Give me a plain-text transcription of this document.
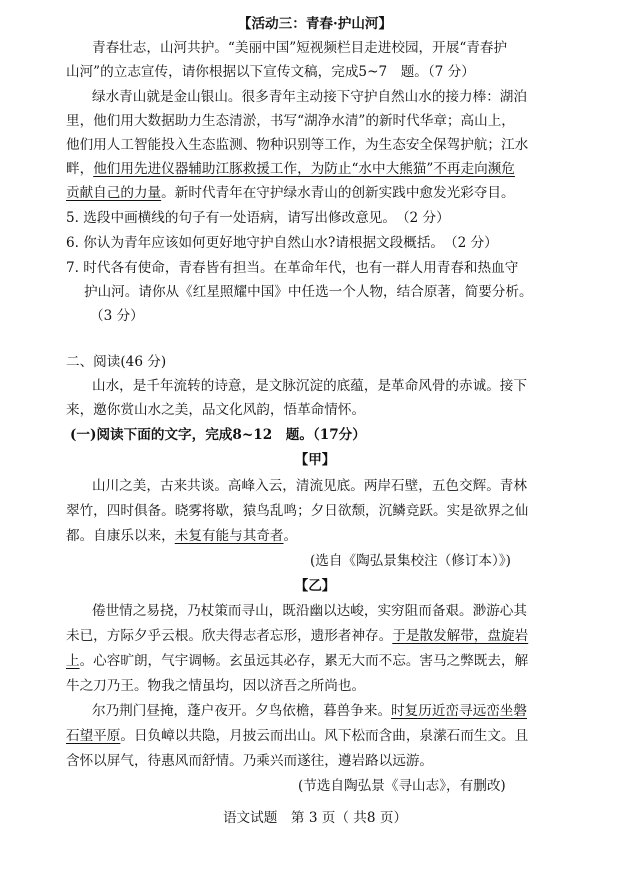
【活动三：青春·护山河】
青春壮志，山河共护。“美丽中国”短视频栏目走进校园，开展“青春护
山河”的立志宣传，请你根据以下宣传文稿，完成5~7　题。（7 分）
绿水青山就是金山银山。很多青年主动接下守护自然山水的接力棒：湖泊
里，他们用大数据助力生态清淤，书写“湖净水清”的新时代华章；高山上，
他们用人工智能投入生态监测、物种识别等工作，为生态安全保驾护航；江水
畔，他们用先进仪器辅助江豚救援工作，为防止“水中大熊猫”不再走向濒危
贡献自己的力量。新时代青年在守护绿水青山的创新实践中愈发光彩夺目。
5. 选段中画横线的句子有一处语病，请写出修改意见。　（2 分）
6. 你认为青年应该如何更好地守护自然山水?请根据文段概括。　（2 分）
7. 时代各有使命，青春皆有担当。在革命年代，也有一群人用青春和热血守
护山河。请你从《红星照耀中国》中任选一个人物，结合原著，简要分析。
（3 分）
二、阅读(46 分)
山水，是千年流转的诗意，是文脉沉淀的底蕴，是革命风骨的赤诚。接下
来，邀你赏山水之美，品文化风韵，悟革命情怀。
(一)阅读下面的文字，完成8~12　题。（17分）
【甲】
山川之美，古来共谈。高峰入云，清流见底。两岸石壁，五色交辉。青林
翠竹，四时俱备。晓雾将歇，猿鸟乱鸣；夕日欲颓，沉鳞竞跃。实是欲界之仙
都。自康乐以来，未复有能与其奇者。
(选自《陶弘景集校注（修订本）》)
【乙】
倦世情之易挠，乃杖策而寻山，既沿幽以达峻，实穷阻而备艰。渺游心其
未已，方际夕乎云根。欣夫得志者忘形，遗形者神存。于是散发解带，盘旋岩
上。心容旷朗，气宇调畅。玄虽远其必存，累无大而不忘。害马之弊既去，解
牛之刀乃王。物我之情虽均，因以济吾之所尚也。
尔乃荆门昼掩，蓬户夜开。夕鸟依檐，暮兽争来。时复历近峦寻远峦坐磐
石望平原。日负嶂以共隐，月披云而出山。风下松而含曲，泉潆石而生文。且
含怀以屏气，待惠风而舒情。乃乘兴而遂往，遵岩路以远游。
(节选自陶弘景《寻山志》，有删改)
语文试题　第 3 页（ 共8 页）
